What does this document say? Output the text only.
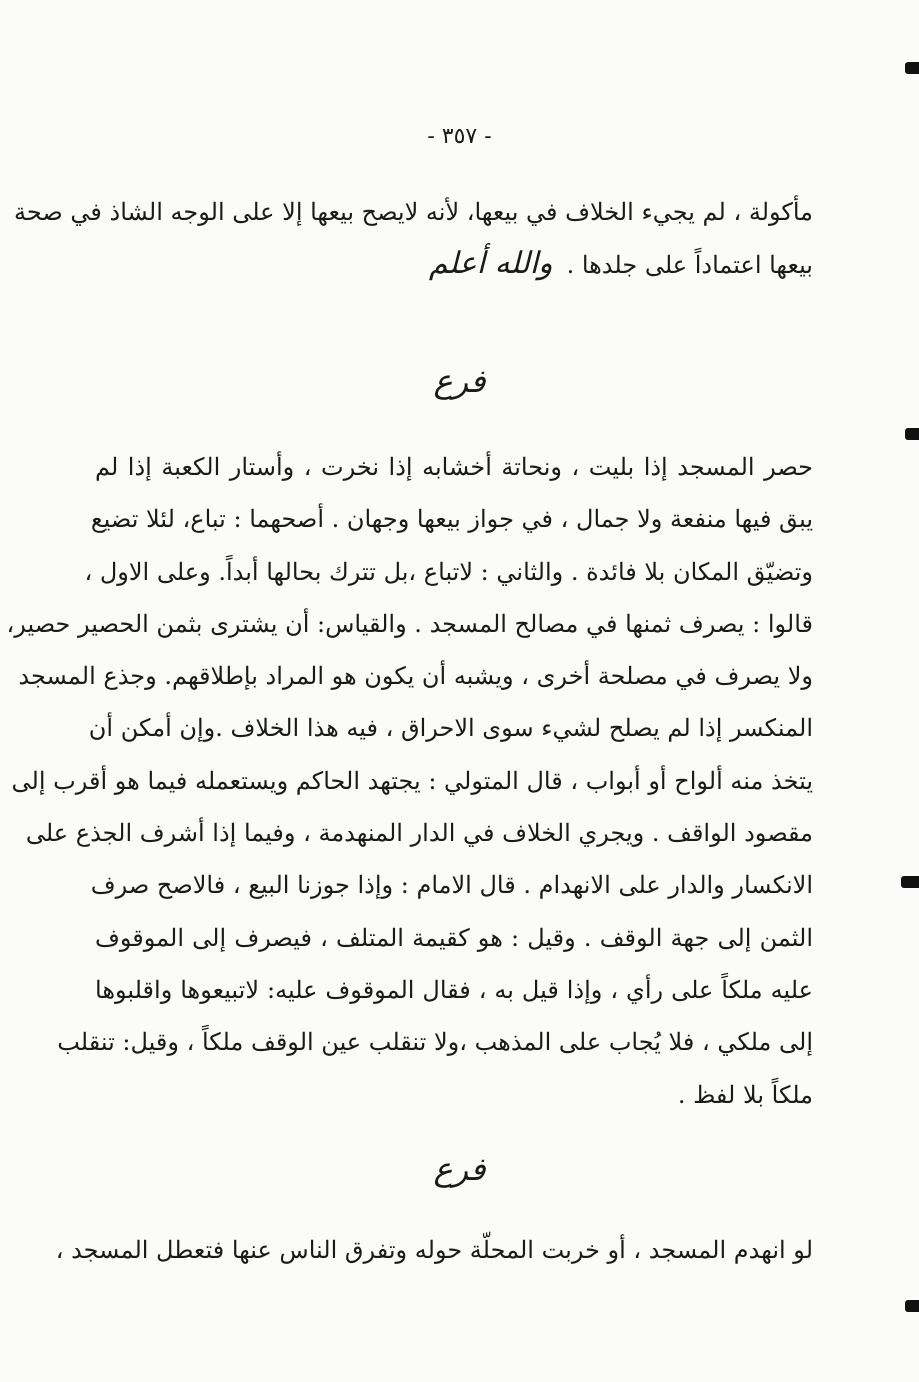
- ٣٥٧ -
مأكولة ، لم يجيء الخلاف في بيعها، لأنه لايصح بيعها إلا على الوجه الشاذ في صحة
بيعها اعتماداً على جلدها .والله أعلم
فرع
حصر المسجد إذا بليت ، ونحاتة أخشابه إذا نخرت ، وأستار الكعبة إذا لم
يبق فيها منفعة ولا جمال ، في جواز بيعها وجهان . أصحهما : تباع، لئلا تضيع
وتضيّق المكان بلا فائدة . والثاني : لاتباع ،بل تترك بحالها أبداً. وعلى الاول ،
قالوا : يصرف ثمنها في مصالح المسجد . والقياس: أن يشترى بثمن الحصير حصير،
ولا يصرف في مصلحة أخرى ، ويشبه أن يكون هو المراد بإطلاقهم. وجذع المسجد
المنكسر إذا لم يصلح لشيء سوى الاحراق ، فيه هذا الخلاف .وإن أمكن أن
يتخذ منه ألواح أو أبواب ، قال المتولي : يجتهد الحاكم ويستعمله فيما هو أقرب إلى
مقصود الواقف . ويجري الخلاف في الدار المنهدمة ، وفيما إذا أشرف الجذع على
الانكسار والدار على الانهدام . قال الامام : وإذا جوزنا البيع ، فالاصح صرف
الثمن إلى جهة الوقف . وقيل : هو كقيمة المتلف ، فيصرف إلى الموقوف
عليه ملكاً على رأي ، وإذا قيل به ، فقال الموقوف عليه: لاتبيعوها واقلبوها
إلى ملكي ، فلا يُجاب على المذهب ،ولا تنقلب عين الوقف ملكاً ، وقيل: تنقلب
ملكاً بلا لفظ .
فرع
لو انهدم المسجد ، أو خربت المحلّة حوله وتفرق الناس عنها فتعطل المسجد ،
